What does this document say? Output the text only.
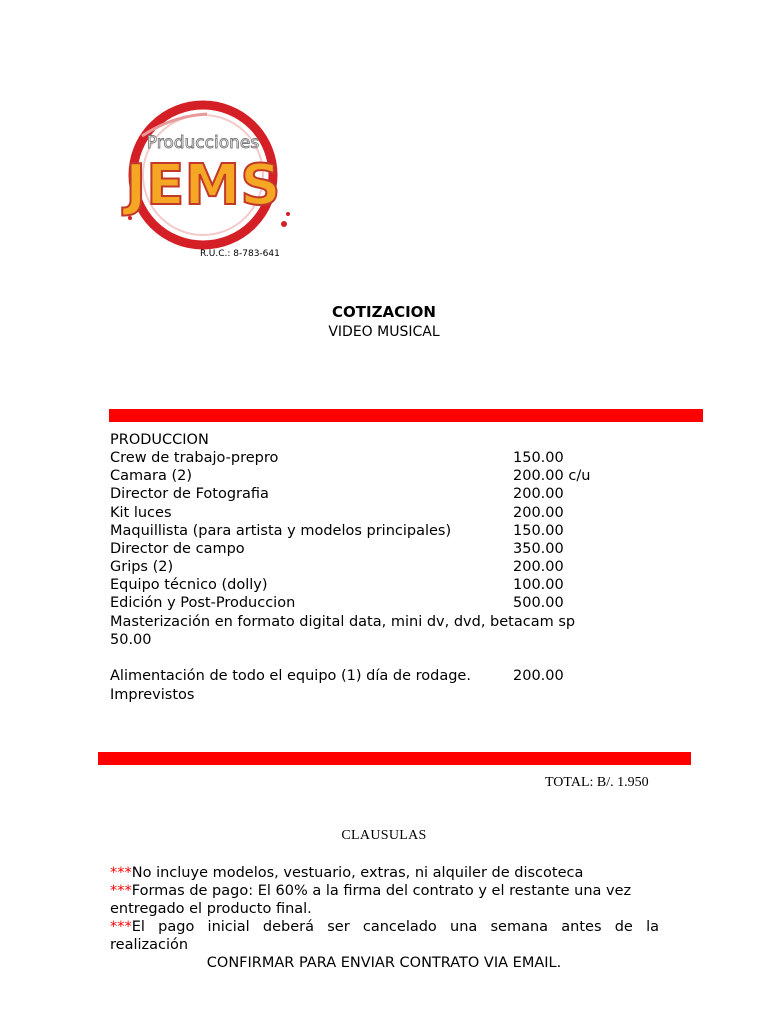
Producciones
JEMS
R.U.C.: 8-783-641
COTIZACION
VIDEO MUSICAL
PRODUCCION
Crew de trabajo-prepro	150.00
Camara (2)	200.00 c/u
Director de Fotografia	200.00
Kit luces	200.00
Maquillista (para artista y modelos principales)	150.00
Director de campo	350.00
Grips (2)	200.00
Equipo técnico (dolly)	100.00
Edición y Post-Produccion	500.00
Masterización en formato digital data, mini dv, dvd, betacam sp
50.00
Alimentación de todo el equipo (1) día de rodage.	200.00
Imprevistos
TOTAL: B/. 1.950
CLAUSULAS
***No incluye modelos, vestuario, extras, ni alquiler de discoteca
***Formas de pago: El 60% a la firma del contrato y el restante una vez
entregado el producto final.
***El pago inicial deberá ser cancelado una semana antes de la
realización
CONFIRMAR PARA ENVIAR CONTRATO VIA EMAIL.
